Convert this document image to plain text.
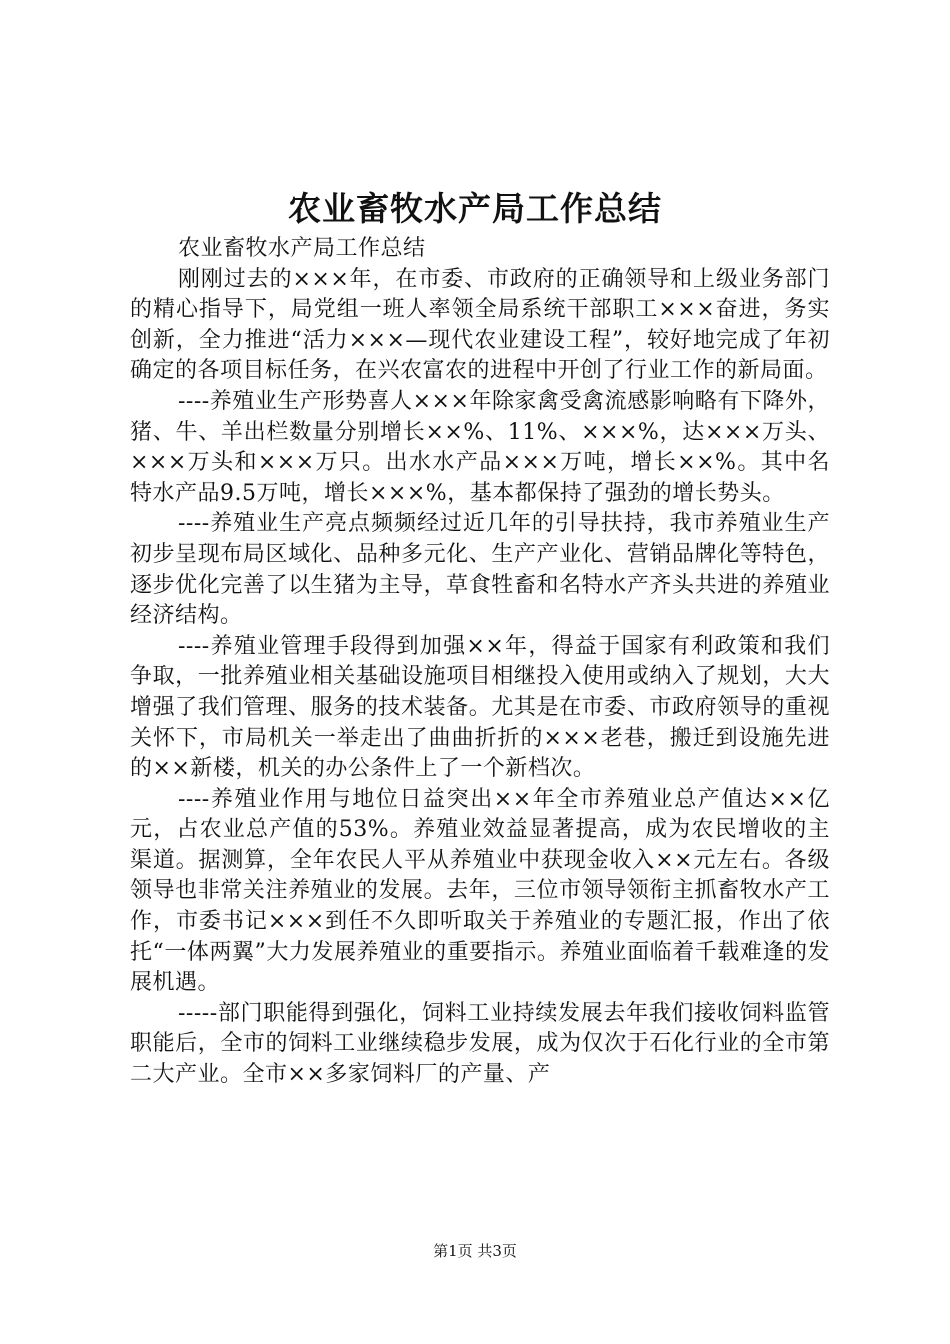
农业畜牧水产局工作总结

农业畜牧水产局工作总结

刚刚过去的×××年，在市委、市政府的正确领导和上级业务部门的精心指导下，局党组一班人率领全局系统干部职工×××奋进，务实创新，全力推进“活力×××—现代农业建设工程”，较好地完成了年初确定的各项目标任务，在兴农富农的进程中开创了行业工作的新局面。

----养殖业生产形势喜人×××年除家禽受禽流感影响略有下降外，猪、牛、羊出栏数量分别增长××%、11%、×××%，达×××万头、×××万头和×××万只。出水水产品×××万吨，增长××%。其中名特水产品9.5万吨，增长×××%，基本都保持了强劲的增长势头。

----养殖业生产亮点频频经过近几年的引导扶持，我市养殖业生产初步呈现布局区域化、品种多元化、生产产业化、营销品牌化等特色，逐步优化完善了以生猪为主导，草食牲畜和名特水产齐头共进的养殖业经济结构。

----养殖业管理手段得到加强××年，得益于国家有利政策和我们争取，一批养殖业相关基础设施项目相继投入使用或纳入了规划，大大增强了我们管理、服务的技术装备。尤其是在市委、市政府领导的重视关怀下，市局机关一举走出了曲曲折折的×××老巷，搬迁到设施先进的××新楼，机关的办公条件上了一个新档次。

----养殖业作用与地位日益突出××年全市养殖业总产值达××亿元，占农业总产值的53%。养殖业效益显著提高，成为农民增收的主渠道。据测算，全年农民人平从养殖业中获现金收入××元左右。各级领导也非常关注养殖业的发展。去年，三位市领导领衔主抓畜牧水产工作，市委书记×××到任不久即听取关于养殖业的专题汇报，作出了依托“一体两翼”大力发展养殖业的重要指示。养殖业面临着千载难逢的发展机遇。

-----部门职能得到强化，饲料工业持续发展去年我们接收饲料监管职能后，全市的饲料工业继续稳步发展，成为仅次于石化行业的全市第二大产业。全市××多家饲料厂的产量、产

第1页 共3页
